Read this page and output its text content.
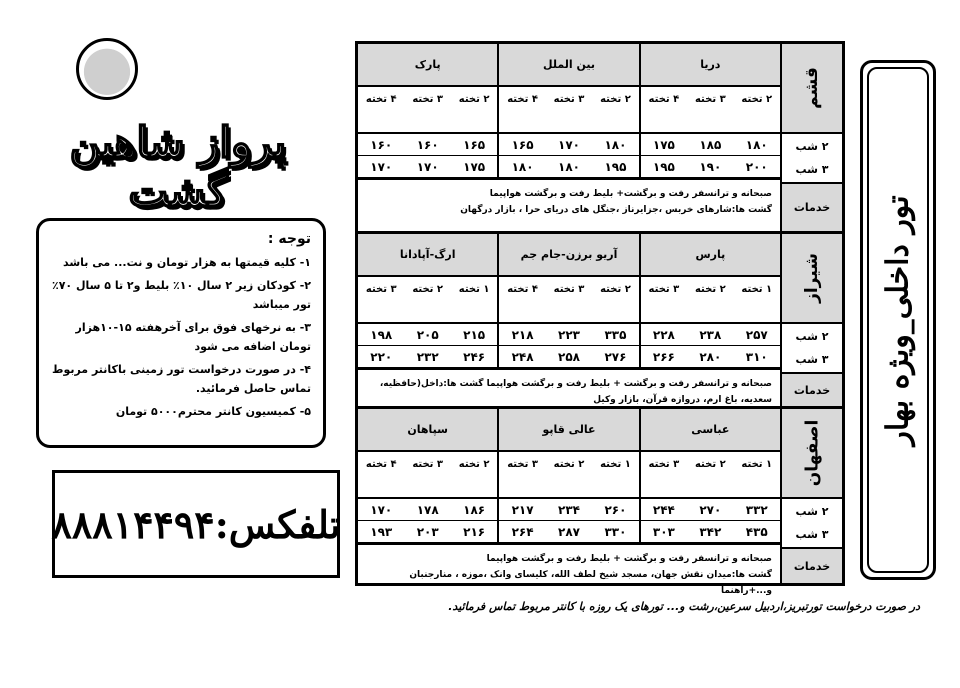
پرواز شاهین گشت
توجه :
۱- کلیه قیمتها به هزار تومان و نت... می باشد
۲- کودکان زیر ۲ سال ۱۰٪ بلیط و۲ تا ۵ سال ۷۰٪ تور میباشد
۳- به نرخهای فوق برای آخرهفته ۱۵-۱۰هزار تومان اضافه می شود
۴- در صورت درخواست تور زمینی باکانتر مربوط تماس حاصل فرمائید.
۵- کمیسیون کانتر محترم۵۰۰۰ تومان
تلفکس:۸۸۸۱۴۴۹۴
تور داخلی_ویژه بهار
قشم
۲ شب
۳ شب
خدمات
دریا
بین الملل
پارک
۲ تخته
۳ تخته
۴ تخته
۲ تخته
۳ تخته
۴ تخته
۲ تخته
۳ تخته
۴ تخته
۱۸۰
۱۸۵
۱۷۵
۱۸۰
۱۷۰
۱۶۵
۱۶۵
۱۶۰
۱۶۰
۲۰۰
۱۹۰
۱۹۵
۱۹۵
۱۸۰
۱۸۰
۱۷۵
۱۷۰
۱۷۰
صبحانه و ترانسفر رفت و برگشت+ بلیط رفت و برگشت هواپیما
گشت ها:شارهای خربس ،جزایرناز ،جنگل های دریای حرا ، بازار درگهان
شیراز
۲ شب
۳ شب
خدمات
پارس
آریو برزن-جام جم
ارگ-آپادانا
۱ تخته
۲ تخته
۳ تخته
۲ تخته
۳ تخته
۴ تخته
۱ تخته
۲ تخته
۳ تخته
۲۵۷
۲۳۸
۲۲۸
۳۳۵
۲۲۳
۲۱۸
۲۱۵
۲۰۵
۱۹۸
۳۱۰
۲۸۰
۲۶۶
۲۷۶
۲۵۸
۲۴۸
۲۴۶
۲۳۲
۲۲۰
صبحانه و ترانسفر رفت و برگشت + بلیط رفت و برگشت هواپیما گشت ها:داخل(حافظیه، سعدیه، باغ ارم، دروازه قرآن، بازار وکیل
اصفهان
۲ شب
۳ شب
خدمات
عباسی
عالی قاپو
سپاهان
۱ تخته
۲ تخته
۳ تخته
۱ تخته
۲ تخته
۳ تخته
۲ تخته
۳ تخته
۴ تخته
۳۳۲
۲۷۰
۲۴۴
۲۶۰
۲۳۴
۲۱۷
۱۸۶
۱۷۸
۱۷۰
۴۳۵
۳۴۲
۳۰۳
۳۳۰
۲۸۷
۲۶۴
۲۱۶
۲۰۳
۱۹۳
صبحانه و ترانسفر رفت و برگشت + بلیط رفت و برگشت هواپیما
گشت ها:میدان نقش جهان، مسجد شیخ لطف الله، کلیسای وانک ،موزه ، منارجنبان و...+راهنما
در صورت درخواست تورتبریز،اردبیل سرعین،رشت و... تورهای یک روزه با کانتر مربوط تماس فرمائید.
